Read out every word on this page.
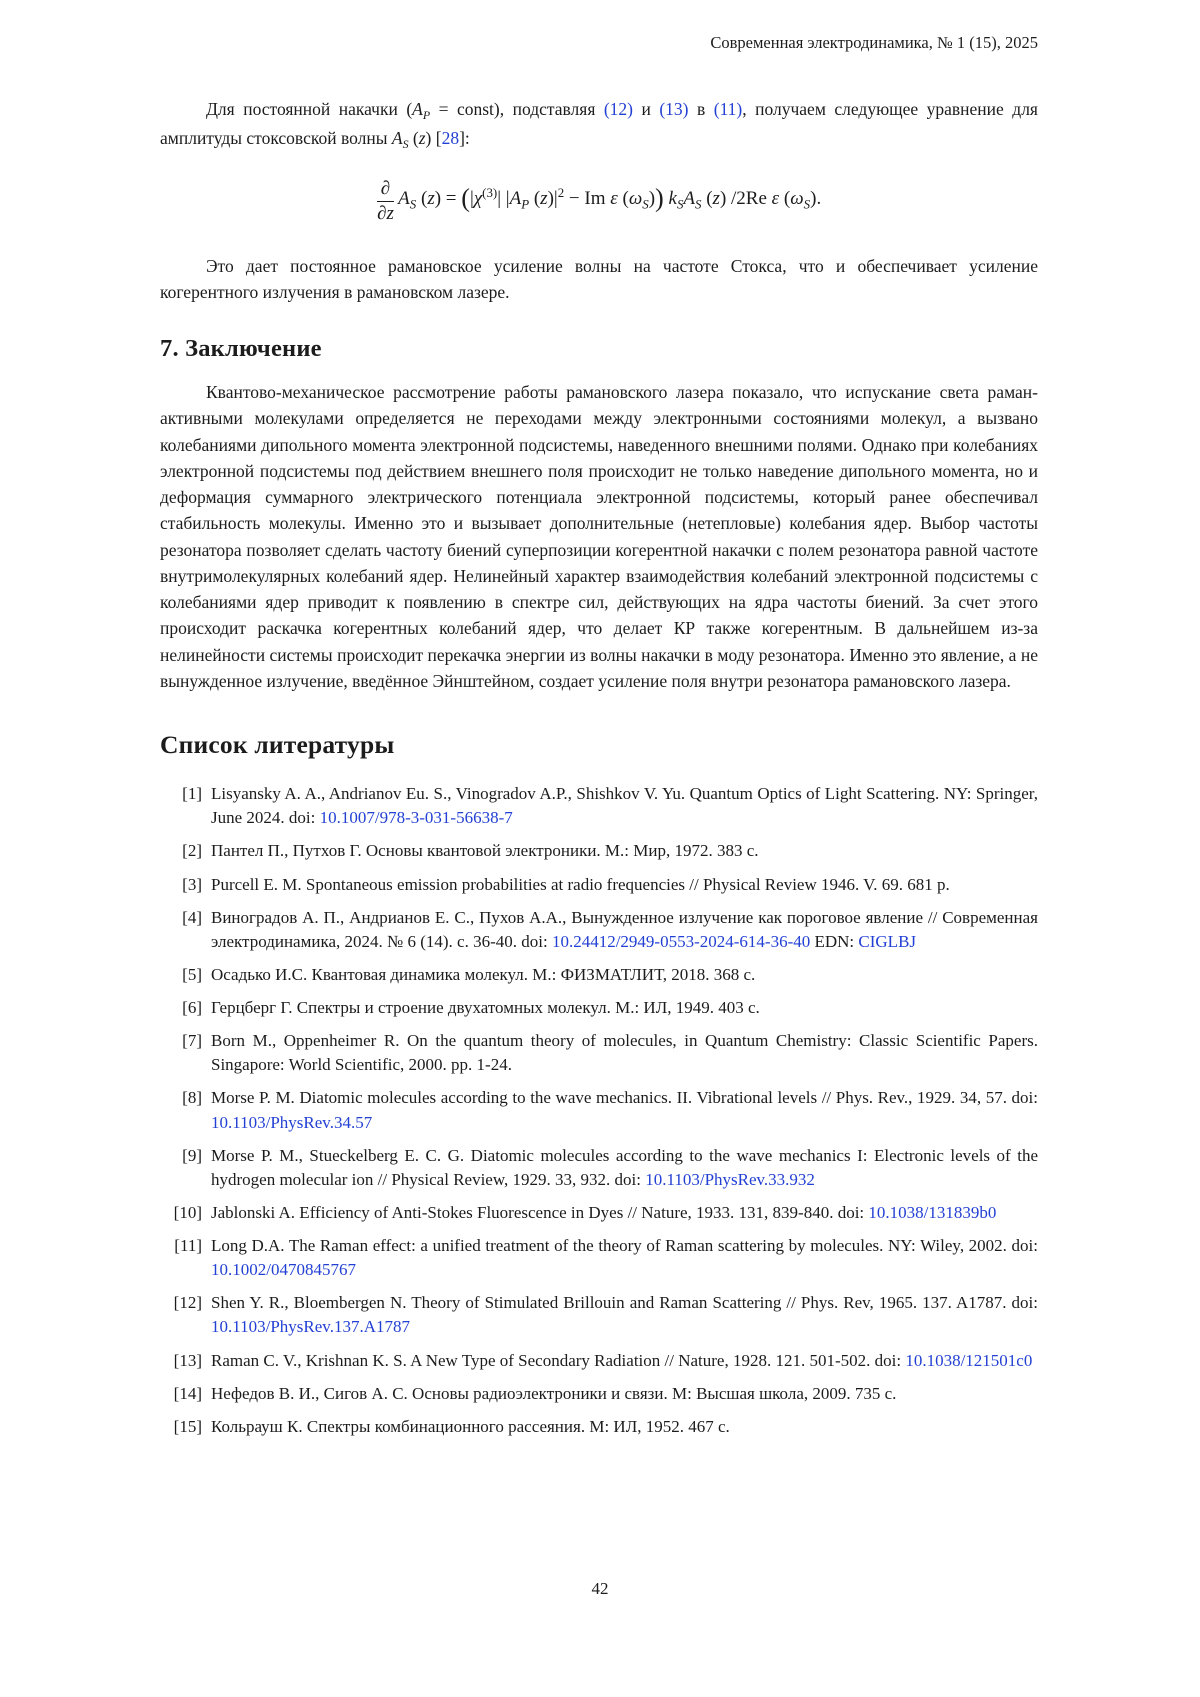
Современная электродинамика, № 1 (15), 2025

Для постоянной накачки ($A_P$ = const), подставляя (12) и (13) в (11), получаем следующее уравнение для амплитуды стоксовской волны $A_S$ (z) [28]:

$\frac{\partial}{\partial z} A_S$ $(z) = (|\chi^{(3)}|$ $|A_P$ $(z)|^2 - Im$ ε $(\omega_S)$) $k_SA_S$ (z) /2Re ε $(\omega_S)$.

Это дает постоянное рамановское усиление волны на частоте Стокса, что и обеспечивает усиление когерентного излучения в рамановском лазере.

7. Заключение

Квантово-механическое рассмотрение работы рамановского лазера показало, что испускание света раман-активными молекулами определяется не переходами между электронными состояниями молекул, а вызвано колебаниями дипольного момента электронной подсистемы, наведенного внешними полями. Однако при колебаниях электронной подсистемы под действием внешнего поля происходит не только наведение дипольного момента, но и деформация суммарного электрического потенциала электронной подсистемы, который ранее обеспечивал стабильность молекулы. Именно это и вызывает дополнительные (нетепловые) колебания ядер. Выбор частоты резонатора позволяет сделать частоту биений суперпозиции когерентной накачки с полем резонатора равной частоте внутримолекулярных колебаний ядер. Нелинейный характер взаимодействия колебаний электронной подсистемы с колебаниями ядер приводит к появлению в спектре сил, действующих на ядра частоты биений. За счет этого происходит раскачка когерентных колебаний ядер, что делает КР также когерентным. В дальнейшем из-за нелинейности системы происходит перекачка энергии из волны накачки в моду резонатора. Именно это явление, а не вынужденное излучение, введённое Эйнштейном, создает усиление поля внутри резонатора рамановского лазера.

Список литературы
[1] Lisyansky A. A., Andrianov Eu. S., Vinogradov A.P., Shishkov V. Yu. Quantum Optics of Light Scattering. NY: Springer, June 2024. doi: 10.1007/978-3-031-56638-7
[2] Пантел П., Путхов Г. Основы квантовой электроники. М.: Мир, 1972. 383 с.
[3] Purcell E. M. Spontaneous emission probabilities at radio frequencies // Physical Review 1946. V. 69. 681 p.
[4] Виноградов А. П., Андрианов Е. С., Пухов А.А., Вынужденное излучение как пороговое явление // Современная электродинамика, 2024. № 6 (14). с. 36-40. doi: 10.24412/2949-0553-2024-614-36-40 EDN: CIGLBJ
[5] Осадько И.С. Квантовая динамика молекул. М.: ФИЗМАТЛИТ, 2018. 368 с.
[6] Герцберг Г. Спектры и строение двухатомных молекул. М.: ИЛ, 1949. 403 с.
[7] Born M., Oppenheimer R. On the quantum theory of molecules, in Quantum Chemistry: Classic Scientific Papers. Singapore: World Scientific, 2000. pp. 1-24.
[8] Morse P. M. Diatomic molecules according to the wave mechanics. II. Vibrational levels // Phys. Rev., 1929. 34, 57. doi: 10.1103/PhysRev.34.57
[9] Morse P. M., Stueckelberg E. C. G. Diatomic molecules according to the wave mechanics I: Electronic levels of the hydrogen molecular ion // Physical Review, 1929. 33, 932. doi: 10.1103/PhysRev.33.932
[10] Jablonski A. Efficiency of Anti-Stokes Fluorescence in Dyes // Nature, 1933. 131, 839-840. doi: 10.1038/131839b0
[11] Long D.A. The Raman effect: a unified treatment of the theory of Raman scattering by molecules. NY: Wiley, 2002. doi: 10.1002/0470845767
[12] Shen Y. R., Bloembergen N. Theory of Stimulated Brillouin and Raman Scattering // Phys. Rev, 1965. 137. A1787. doi: 10.1103/PhysRev.137.A1787
[13] Raman C. V., Krishnan K. S. A New Type of Secondary Radiation // Nature, 1928. 121. 501-502. doi: 10.1038/121501c0
[14] Нефедов В. И., Сигов А. С. Основы радиоэлектроники и связи. М: Высшая школа, 2009. 735 с.
[15] Кольрауш К. Спектры комбинационного рассеяния. М: ИЛ, 1952. 467 с.
42
